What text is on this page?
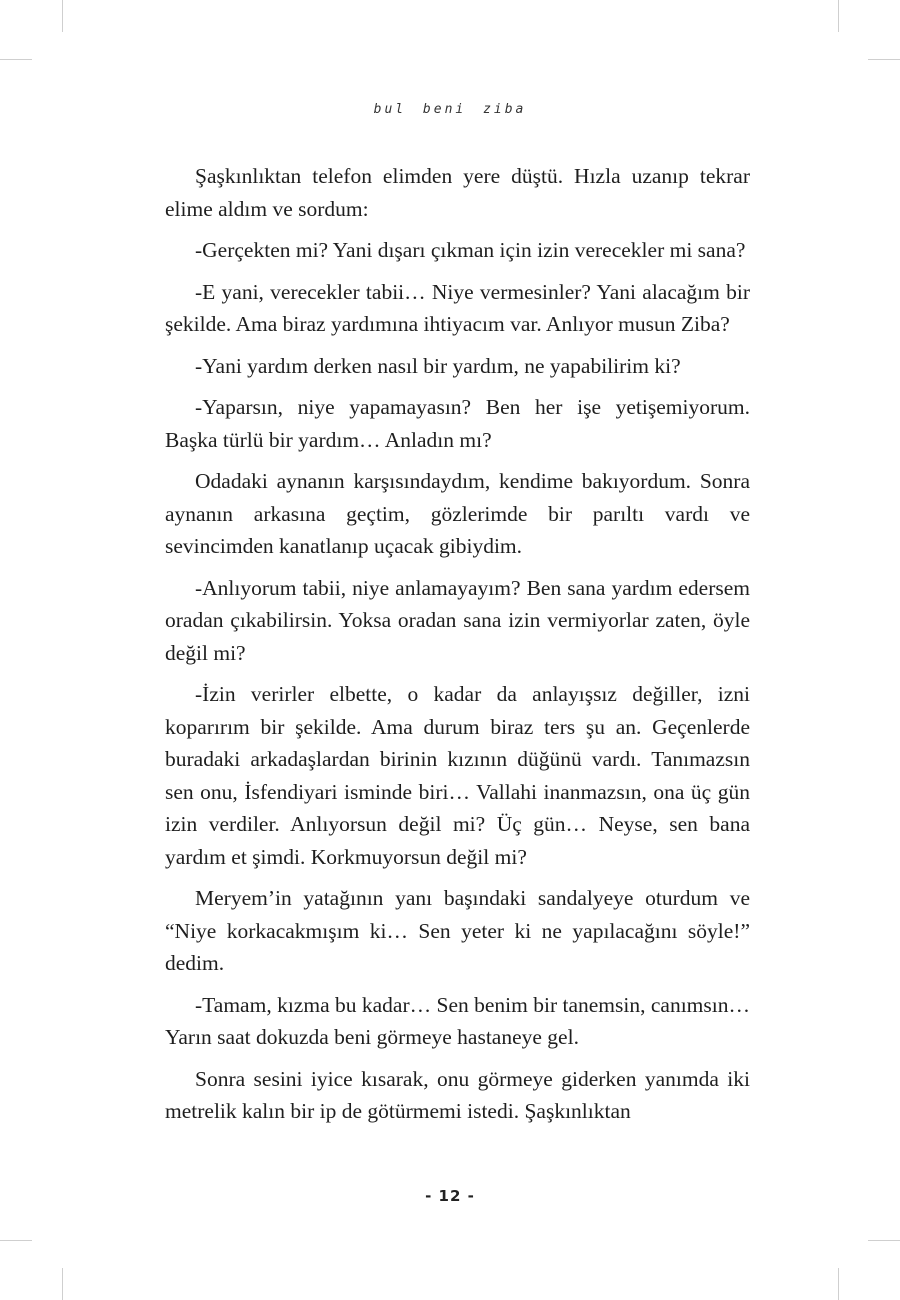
bul beni ziba

Şaşkınlıktan telefon elimden yere düştü. Hızla uzanıp tekrar elime aldım ve sordum:

-Gerçekten mi? Yani dışarı çıkman için izin verecekler mi sana?

-E yani, verecekler tabii… Niye vermesinler? Yani alacağım bir şekilde. Ama biraz yardımına ihtiyacım var. Anlıyor musun Ziba?

-Yani yardım derken nasıl bir yardım, ne yapabilirim ki?

-Yaparsın, niye yapamayasın? Ben her işe yetişemiyorum. Başka türlü bir yardım… Anladın mı?

Odadaki aynanın karşısındaydım, kendime bakıyordum. Sonra aynanın arkasına geçtim, gözlerimde bir parıltı vardı ve sevincimden kanatlanıp uçacak gibiydim.

-Anlıyorum tabii, niye anlamayayım? Ben sana yardım edersem oradan çıkabilirsin. Yoksa oradan sana izin vermiyorlar zaten, öyle değil mi?

-İzin verirler elbette, o kadar da anlayışsız değiller, izni koparırım bir şekilde. Ama durum biraz ters şu an. Geçenlerde buradaki arkadaşlardan birinin kızının düğünü vardı. Tanımazsın sen onu, İsfendiyari isminde biri… Vallahi inanmazsın, ona üç gün izin verdiler. Anlıyorsun değil mi? Üç gün… Neyse, sen bana yardım et şimdi. Korkmuyorsun değil mi?

Meryem’in yatağının yanı başındaki sandalyeye oturdum ve “Niye korkacakmışım ki… Sen yeter ki ne yapılacağını söyle!” dedim.

-Tamam, kızma bu kadar… Sen benim bir tanemsin, canımsın… Yarın saat dokuzda beni görmeye hastaneye gel.

Sonra sesini iyice kısarak, onu görmeye giderken yanımda iki metrelik kalın bir ip de götürmemi istedi. Şaşkınlıktan

- 12 -
